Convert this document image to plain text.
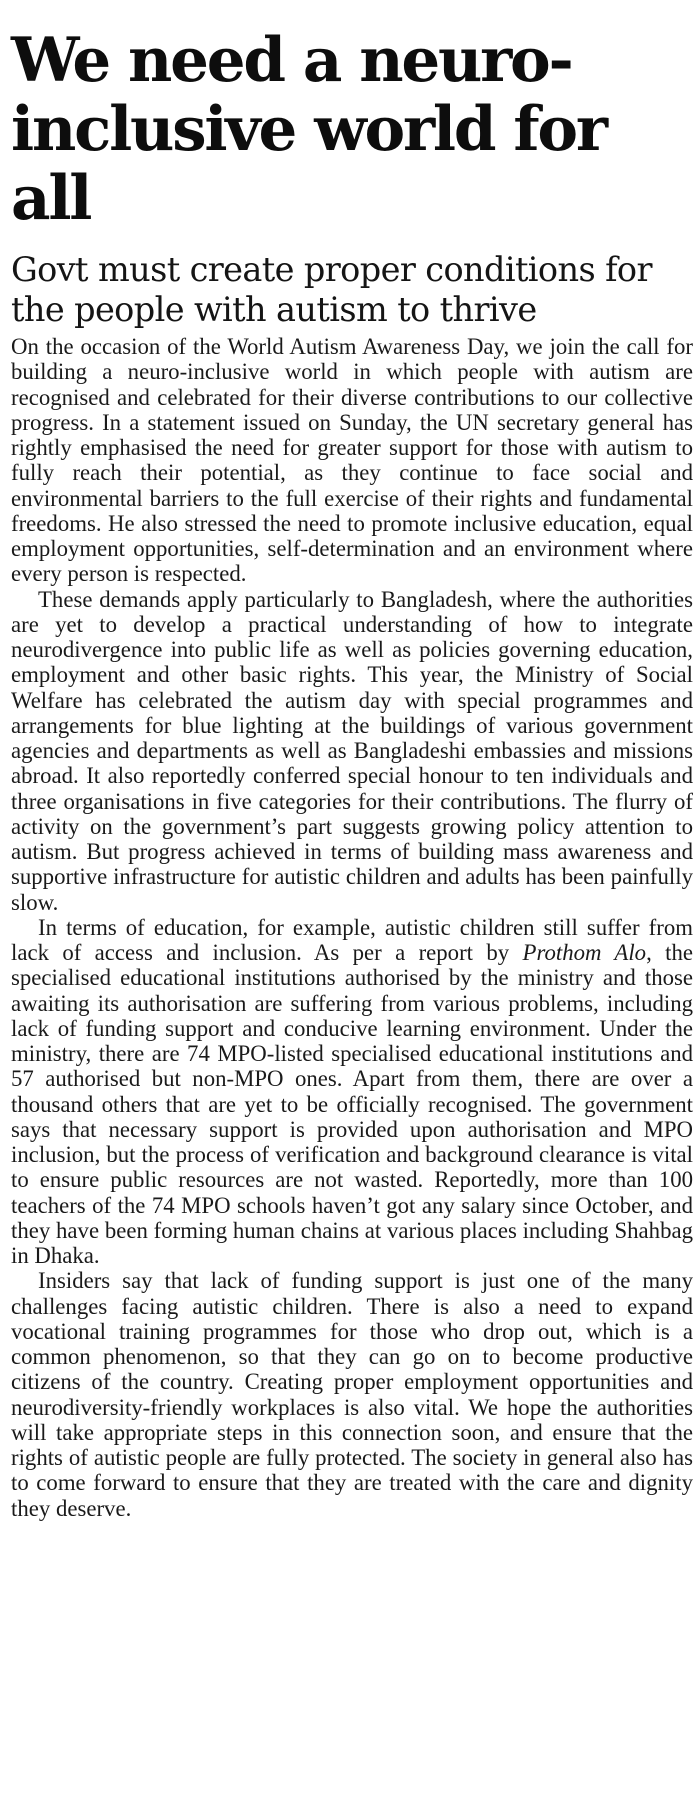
We need a neuro-inclusive world for all
Govt must create proper conditions for the people with autism to thrive

On the occasion of the World Autism Awareness Day, we join the call for building a neuro-inclusive world in which people with autism are recognised and celebrated for their diverse contributions to our collective progress. In a statement issued on Sunday, the UN secretary general has rightly emphasised the need for greater support for those with autism to fully reach their potential, as they continue to face social and environmental barriers to the full exercise of their rights and fundamental freedoms. He also stressed the need to promote inclusive education, equal employment opportunities, self-determination and an environment where every person is respected.

These demands apply particularly to Bangladesh, where the authorities are yet to develop a practical understanding of how to integrate neurodivergence into public life as well as policies governing education, employment and other basic rights. This year, the Ministry of Social Welfare has celebrated the autism day with special programmes and arrangements for blue lighting at the buildings of various government agencies and departments as well as Bangladeshi embassies and missions abroad. It also reportedly conferred special honour to ten individuals and three organisations in five categories for their contributions. The flurry of activity on the government’s part suggests growing policy attention to autism. But progress achieved in terms of building mass awareness and supportive infrastructure for autistic children and adults has been painfully slow.

In terms of education, for example, autistic children still suffer from lack of access and inclusion. As per a report by Prothom Alo, the specialised educational institutions authorised by the ministry and those awaiting its authorisation are suffering from various problems, including lack of funding support and conducive learning environment. Under the ministry, there are 74 MPO-listed specialised educational institutions and 57 authorised but non-MPO ones. Apart from them, there are over a thousand others that are yet to be officially recognised. The government says that necessary support is provided upon authorisation and MPO inclusion, but the process of verification and background clearance is vital to ensure public resources are not wasted. Reportedly, more than 100 teachers of the 74 MPO schools haven’t got any salary since October, and they have been forming human chains at various places including Shahbag in Dhaka.

Insiders say that lack of funding support is just one of the many challenges facing autistic children. There is also a need to expand vocational training programmes for those who drop out, which is a common phenomenon, so that they can go on to become productive citizens of the country. Creating proper employment opportunities and neurodiversity-friendly workplaces is also vital. We hope the authorities will take appropriate steps in this connection soon, and ensure that the rights of autistic people are fully protected. The society in general also has to come forward to ensure that they are treated with the care and dignity they deserve.
